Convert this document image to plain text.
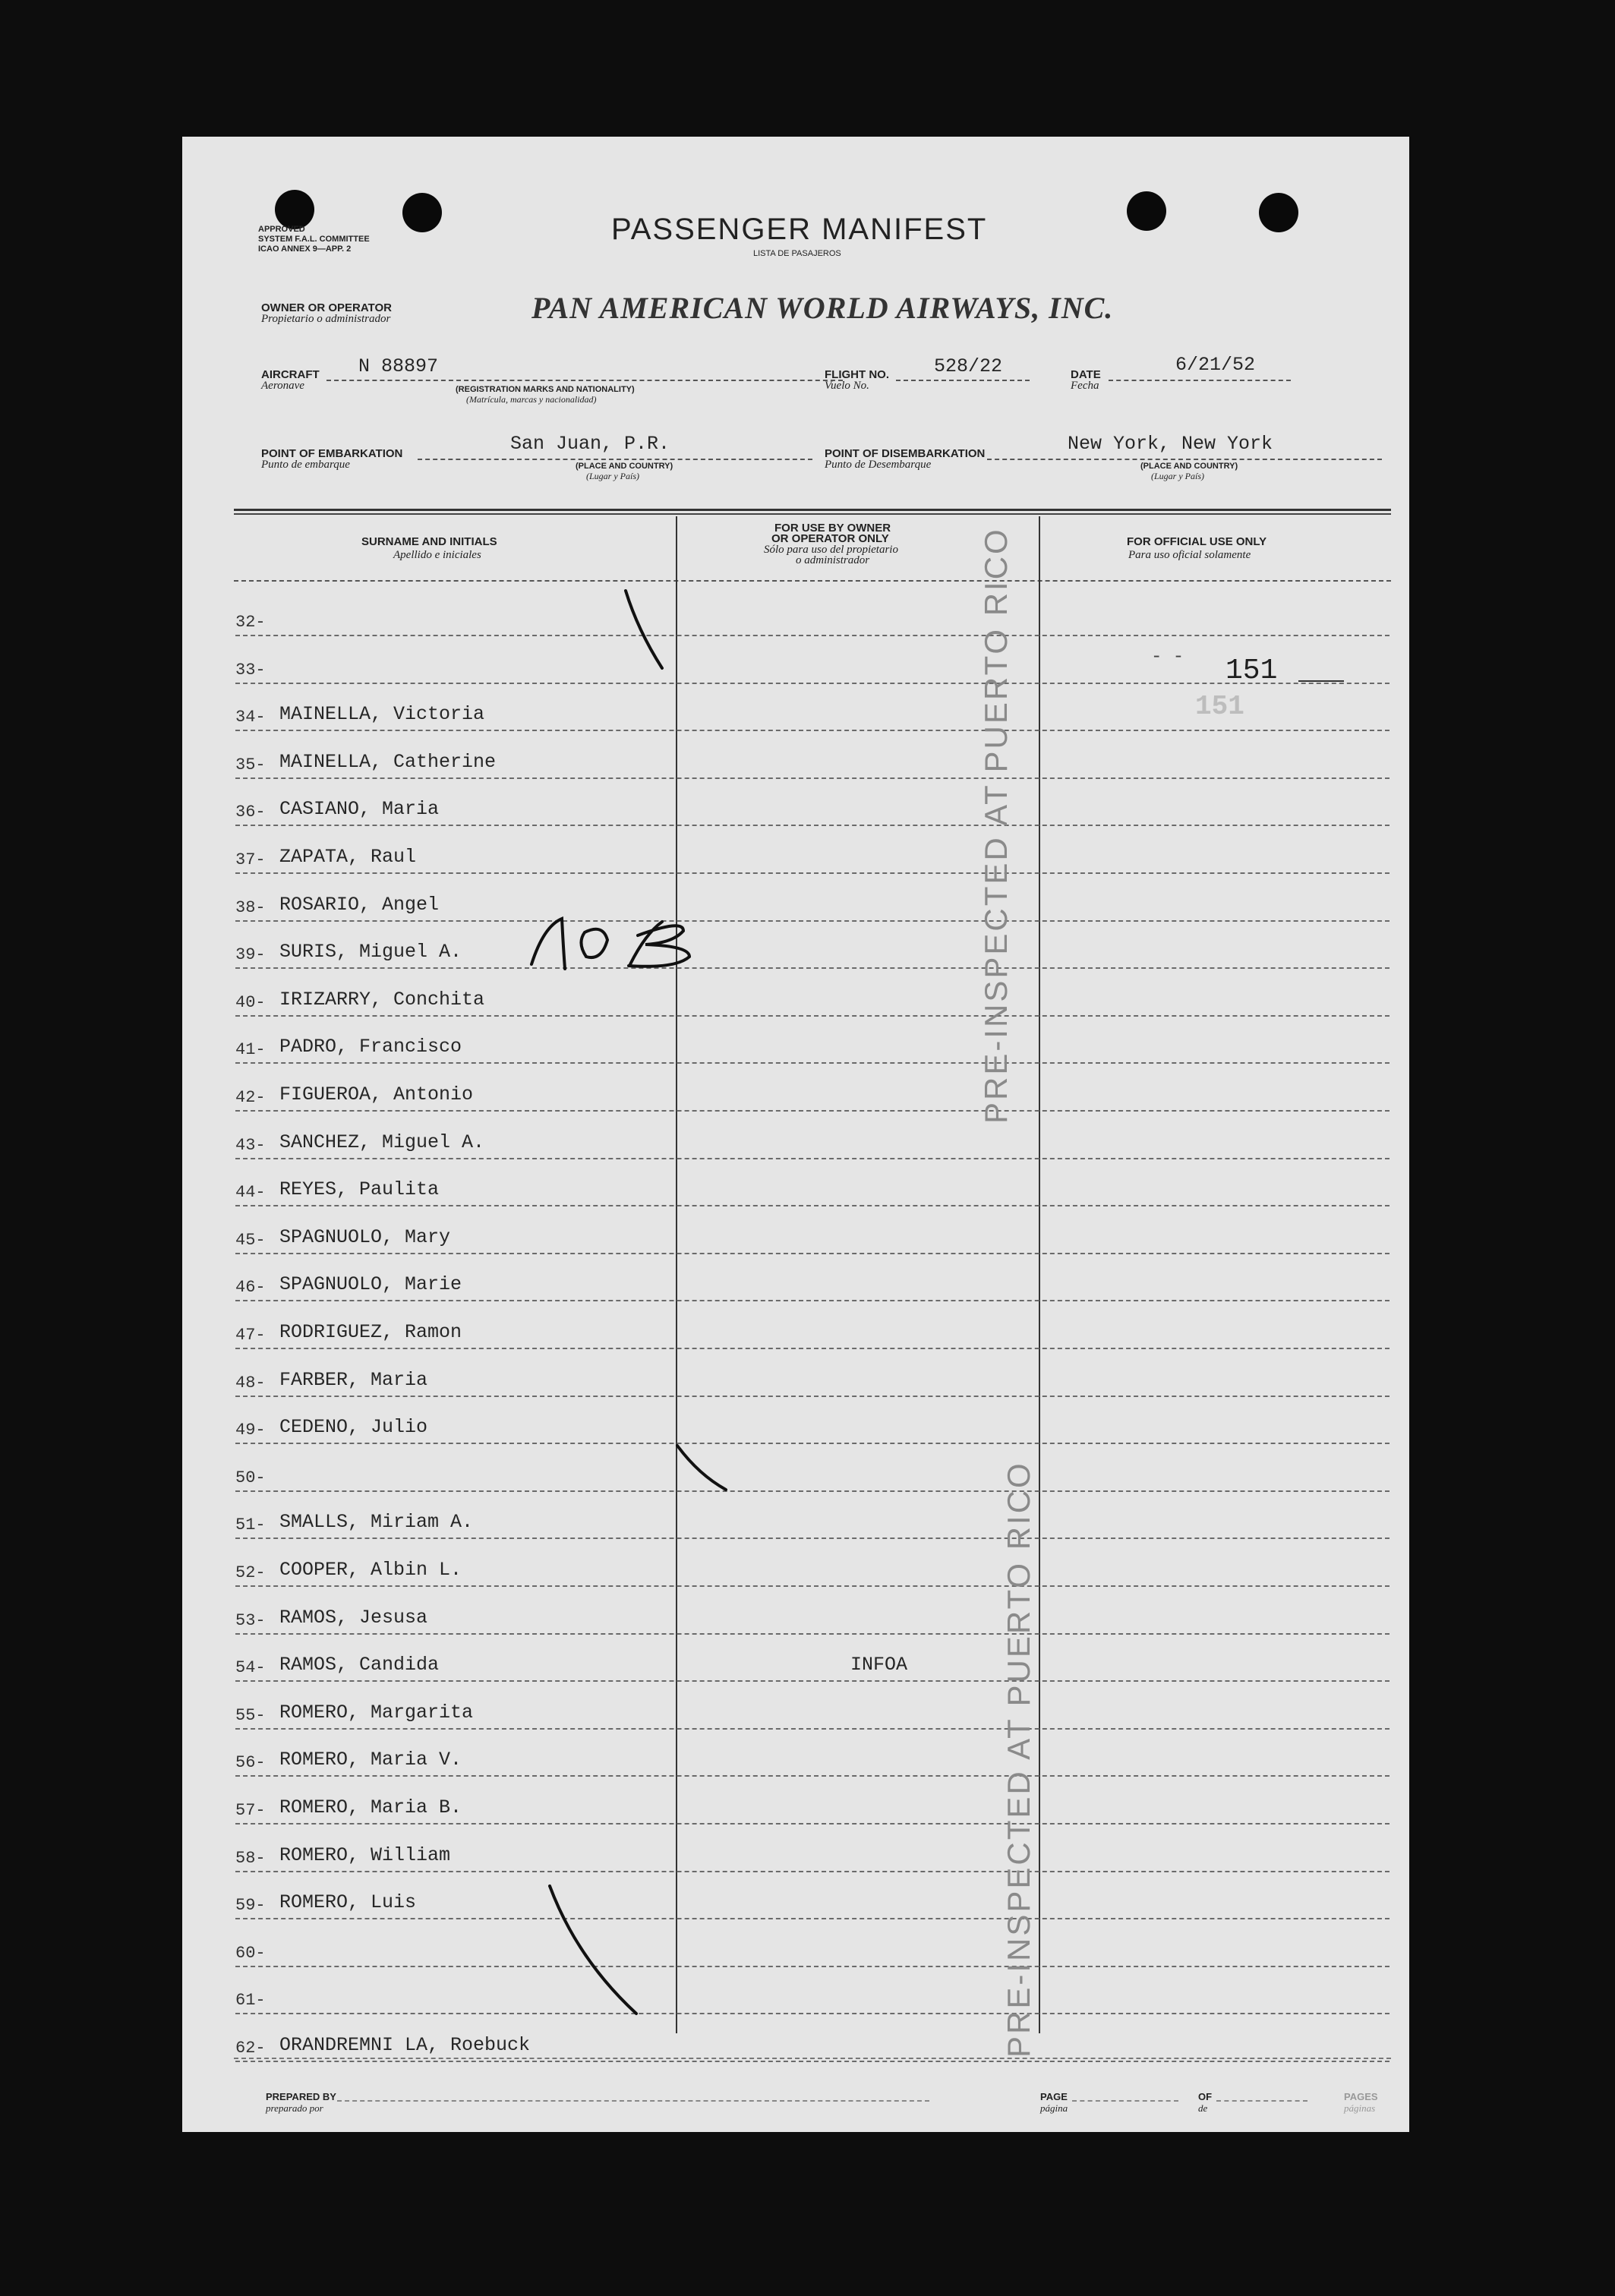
APPROVED
SYSTEM F.A.L. COMMITTEE
ICAO ANNEX 9—APP. 2
PASSENGER MANIFEST
LISTA DE PASAJEROS
OWNER OR OPERATOR
Propietario o administrador	PAN AMERICAN WORLD AIRWAYS, INC.
AIRCRAFT
Aeronave
N 88897
(REGISTRATION MARKS AND NATIONALITY)
(Matrícula, marcas y nacionalidad)
FLIGHT NO.
Vuelo No.
528/22	DATE
Fecha
6/21/52
POINT OF EMBARKATION
Punto de embarque
San Juan, P.R.
(PLACE AND COUNTRY)
(Lugar y País)
POINT OF DISEMBARKATION
Punto de Desembarque
New York, New York
(PLACE AND COUNTRY)
(Lugar y País)
SURNAME AND INITIALS
Apellido e iniciales
FOR USE BY OWNER
OR OPERATOR ONLY
Sólo para uso del propietario
o administrador
FOR OFFICIAL USE ONLY
Para uso oficial solamente
32-
33-
34- MAINELLA, Victoria
35- MAINELLA, Catherine
36- CASIANO, Maria
37- ZAPATA, Raul
38- ROSARIO, Angel
39- SURIS, Miguel A.
40- IRIZARRY, Conchita
41- PADRO, Francisco
42- FIGUEROA, Antonio
43- SANCHEZ, Miguel A.
44- REYES, Paulita
45- SPAGNUOLO, Mary
46- SPAGNUOLO, Marie
47- RODRIGUEZ, Ramon
48- FARBER, Maria
49- CEDENO, Julio
50-
51- SMALLS, Miriam A.
52- COOPER, Albin L.
53- RAMOS, Jesusa
54- RAMOS, Candida	INFOA
55- ROMERO, Margarita
56- ROMERO, Maria V.
57- ROMERO, Maria B.
58- ROMERO, William
59- ROMERO, Luis
60-
61-
62- ORANDREMNI LA, Roebuck
- - 151
151
PRE-INSPECTED AT PUERTO RICO
PRE-INSPECTED AT PUERTO RICO
PREPARED BY
preparado por
PAGE
página
OF
de
PAGES
páginas
